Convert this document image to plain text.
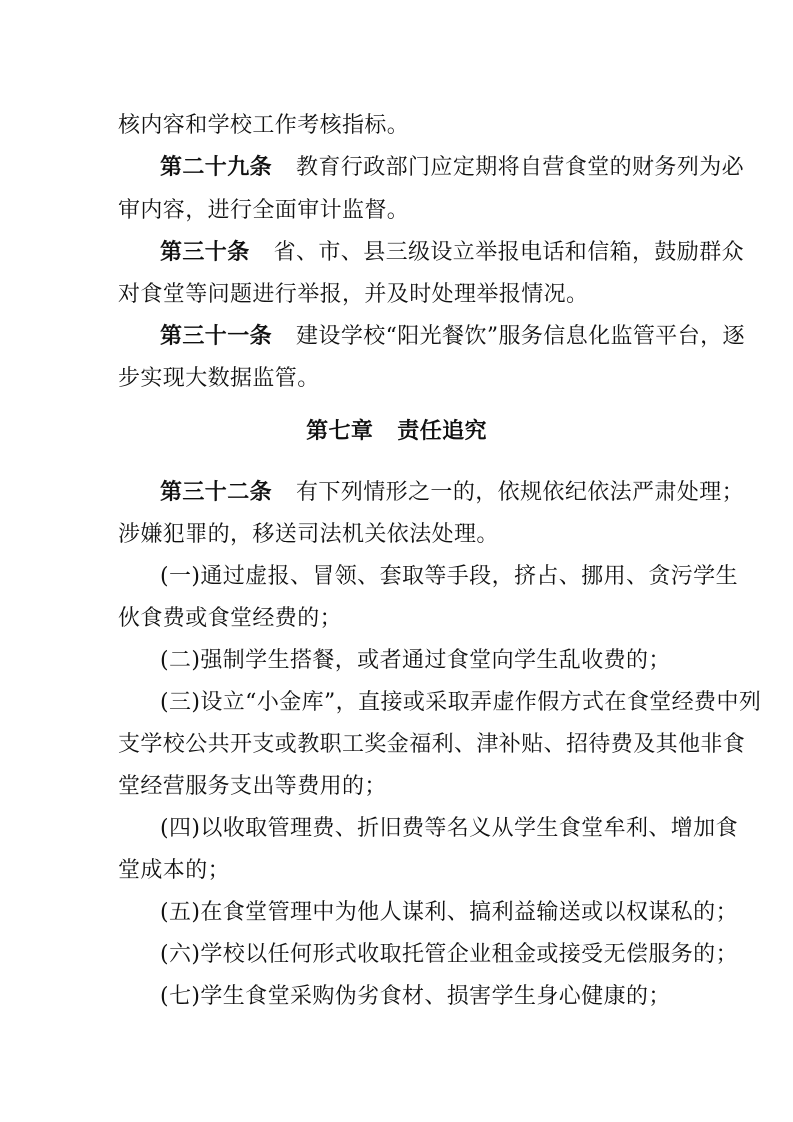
核内容和学校工作考核指标。
第二十九条 教育行政部门应定期将自营食堂的财务列为必
审内容，进行全面审计监督。
第三十条 省、市、县三级设立举报电话和信箱，鼓励群众
对食堂等问题进行举报，并及时处理举报情况。
第三十一条 建设学校“阳光餐饮”服务信息化监管平台，逐
步实现大数据监管。
第七章 责任追究
第三十二条 有下列情形之一的，依规依纪依法严肃处理；
涉嫌犯罪的，移送司法机关依法处理。
(一)通过虚报、冒领、套取等手段，挤占、挪用、贪污学生
伙食费或食堂经费的；
(二)强制学生搭餐，或者通过食堂向学生乱收费的；
(三)设立“小金库”，直接或采取弄虚作假方式在食堂经费中列
支学校公共开支或教职工奖金福利、津补贴、招待费及其他非食
堂经营服务支出等费用的；
(四)以收取管理费、折旧费等名义从学生食堂牟利、增加食
堂成本的；
(五)在食堂管理中为他人谋利、搞利益输送或以权谋私的；
(六)学校以任何形式收取托管企业租金或接受无偿服务的；
(七)学生食堂采购伪劣食材、损害学生身心健康的；
